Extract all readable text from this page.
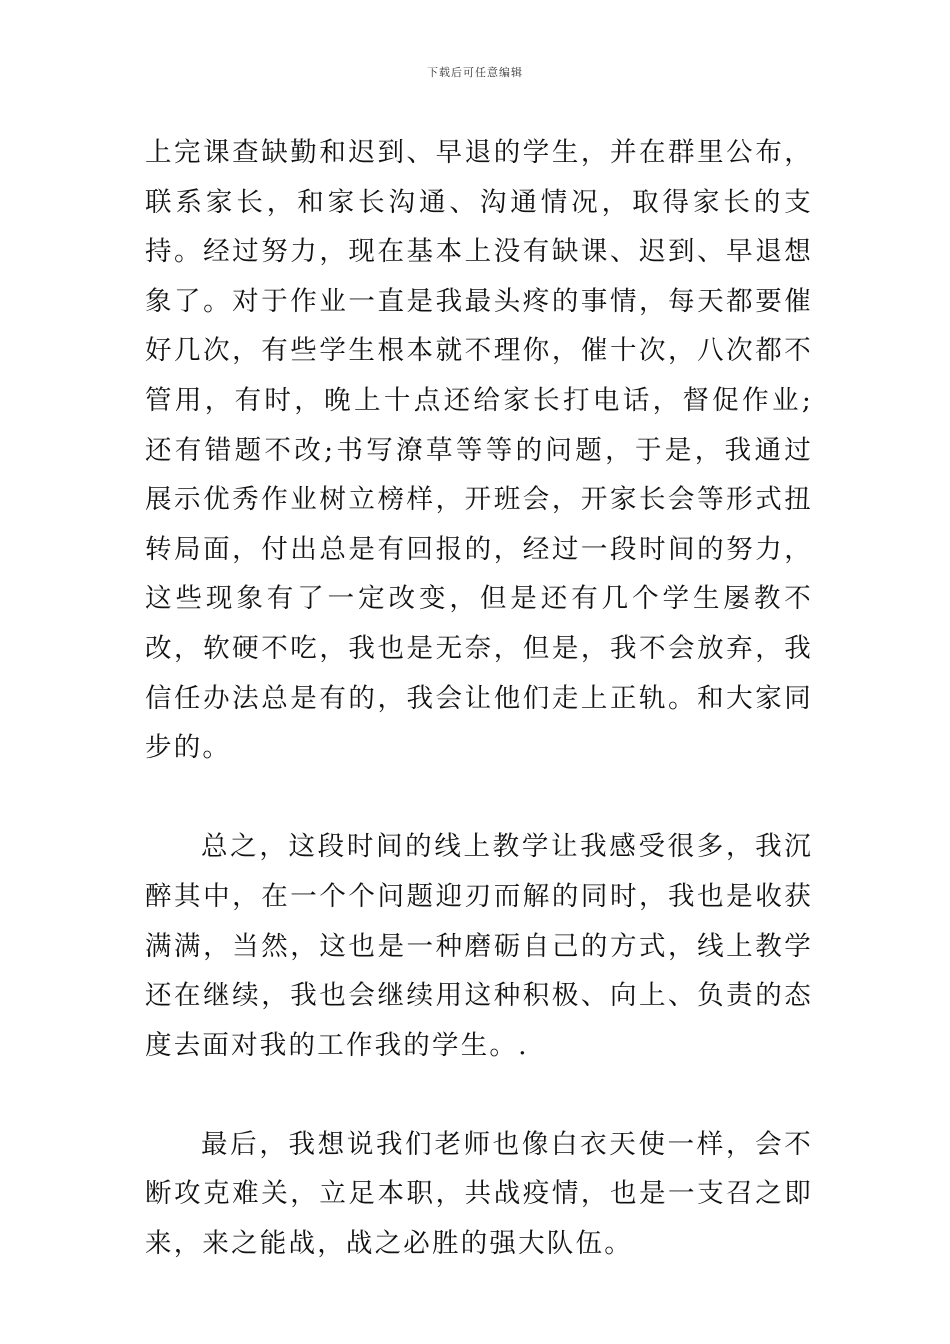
下载后可任意编辑

上完课查缺勤和迟到、早退的学生，并在群里公布，联系家长，和家长沟通、沟通情况，取得家长的支持。经过努力，现在基本上没有缺课、迟到、早退想象了。对于作业一直是我最头疼的事情，每天都要催好几次，有些学生根本就不理你，催十次，八次都不管用，有时，晚上十点还给家长打电话，督促作业;还有错题不改;书写潦草等等的问题，于是，我通过展示优秀作业树立榜样，开班会，开家长会等形式扭转局面，付出总是有回报的，经过一段时间的努力，这些现象有了一定改变，但是还有几个学生屡教不改，软硬不吃，我也是无奈，但是，我不会放弃，我信任办法总是有的，我会让他们走上正轨。和大家同步的。

总之，这段时间的线上教学让我感受很多，我沉醉其中，在一个个问题迎刃而解的同时，我也是收获满满，当然，这也是一种磨砺自己的方式，线上教学还在继续，我也会继续用这种积极、向上、负责的态度去面对我的工作我的学生。.

最后，我想说我们老师也像白衣天使一样，会不断攻克难关，立足本职，共战疫情，也是一支召之即来，来之能战，战之必胜的强大队伍。
